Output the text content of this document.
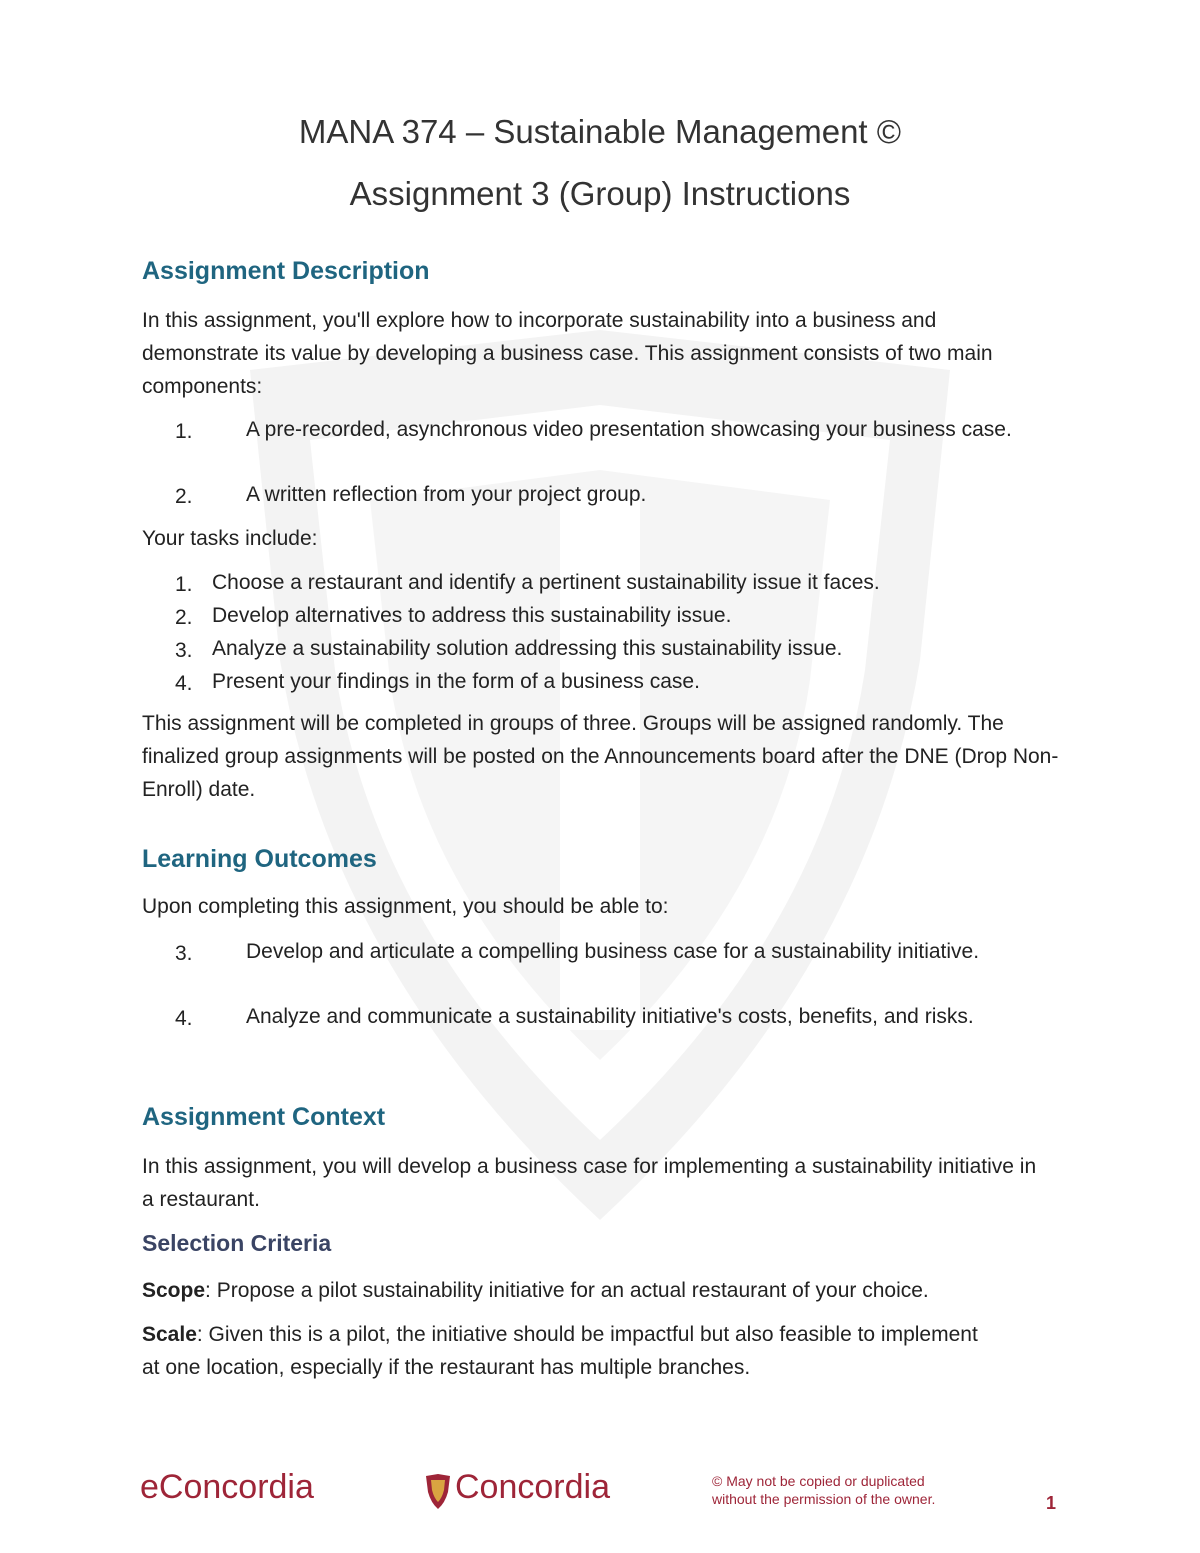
MANA 374 – Sustainable Management ©
Assignment 3 (Group) Instructions
Assignment Description
In this assignment, you'll explore how to incorporate sustainability into a business and demonstrate its value by developing a business case. This assignment consists of two main components:
1.	A pre-recorded, asynchronous video presentation showcasing your business case.
2.	A written reflection from your project group.
Your tasks include:
1. Choose a restaurant and identify a pertinent sustainability issue it faces.
2. Develop alternatives to address this sustainability issue.
3. Analyze a sustainability solution addressing this sustainability issue.
4. Present your findings in the form of a business case.
This assignment will be completed in groups of three. Groups will be assigned randomly. The finalized group assignments will be posted on the Announcements board after the DNE (Drop Non-Enroll) date.
Learning Outcomes
Upon completing this assignment, you should be able to:
3.	Develop and articulate a compelling business case for a sustainability initiative.
4.	Analyze and communicate a sustainability initiative's costs, benefits, and risks.
Assignment Context
In this assignment, you will develop a business case for implementing a sustainability initiative in a restaurant.
Selection Criteria
Scope: Propose a pilot sustainability initiative for an actual restaurant of your choice.
Scale: Given this is a pilot, the initiative should be impactful but also feasible to implement at one location, especially if the restaurant has multiple branches.
eConcordia	Concordia	© May not be copied or duplicated without the permission of the owner.	1
